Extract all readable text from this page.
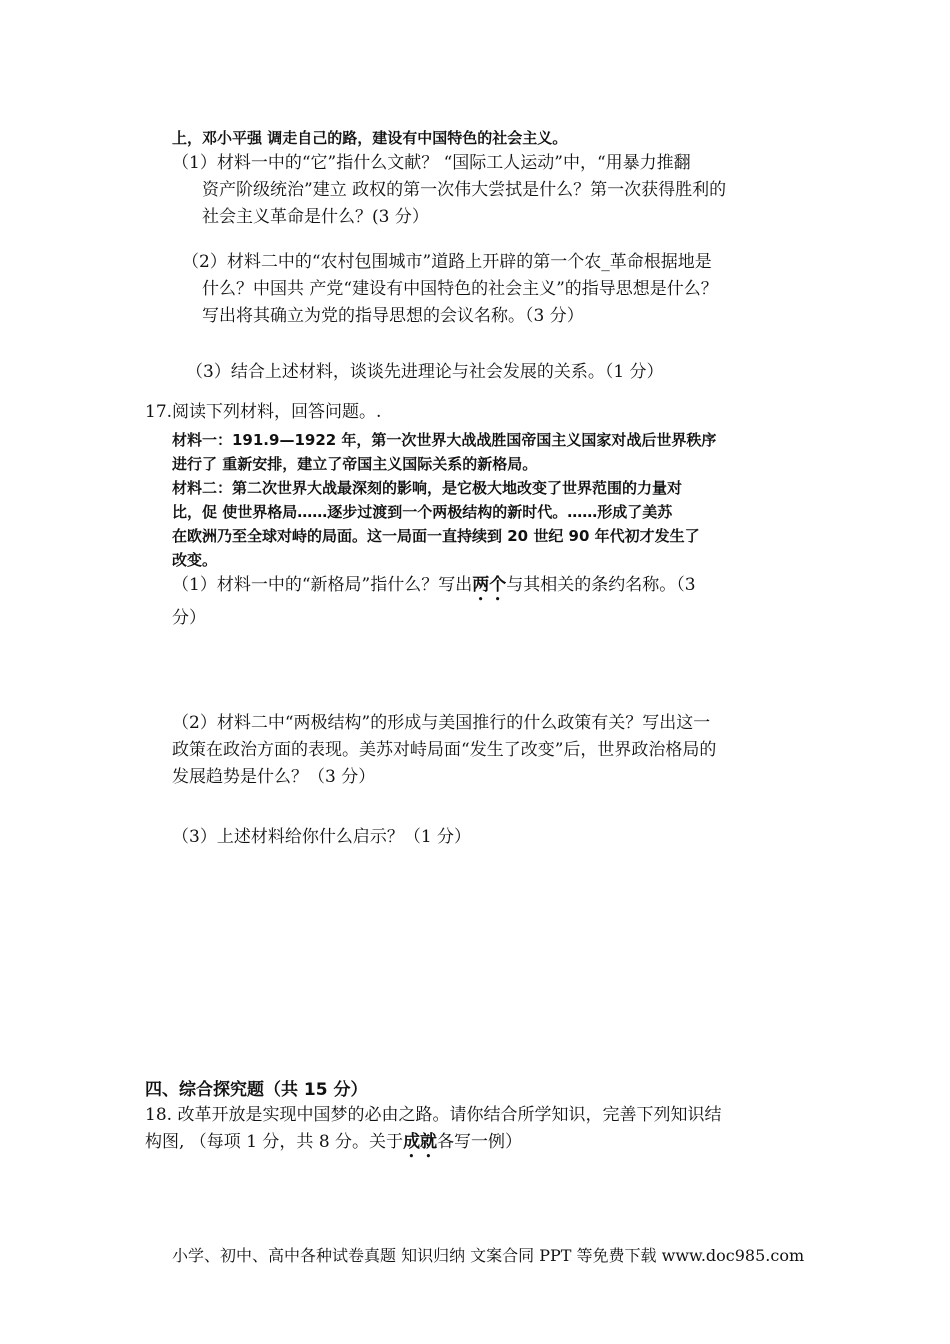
上，邓小平强 调走自己的路，建设有中国特色的社会主义。
（1）材料一中的“它”指什么文献？ “国际工人运动”中，“用暴力推翻
资产阶级统治”建立 政权的第一次伟大尝拭是什么？第一次获得胜利的
社会主义革命是什么？(3 分）
（2）材料二中的“农村包围城市”道路上开辟的第一个农_革命根据地是
什么？中国共 产党“建设有中国特色的社会主义”的指导思想是什么？
写出将其确立为党的指导思想的会议名称。（3 分）
（3）结合上述材料，谈谈先进理论与社会发展的关系。（1 分）
17.阅读下列材料，回答问题。.
材料一：191.9—1922 年，第一次世界大战战胜国帝国主义国家对战后世界秩序
进行了 重新安排，建立了帝国主义国际关系的新格局。
材料二：第二次世界大战最深刻的影响，是它极大地改变了世界范围的力量对
比，促 使世界格局……逐步过渡到一个两极结构的新时代。……形成了美苏
在欧洲乃至全球对峙的局面。这一局面一直持续到 20 世纪 90 年代初才发生了
改变。
（1）材料一中的“新格局”指什么？写出两个与其相关的条约名称。（3
分）
（2）材料二中“两极结构”的形成与美国推行的什么政策有关？写出这一
政策在政治方面的表现。美苏对峙局面“发生了改变”后，世界政治格局的
发展趋势是什么？（3 分）
（3）上述材料给你什么启示？（1 分）
四、综合探究题（共 15 分）
18. 改革开放是实现中国梦的必由之路。请你结合所学知识，完善下列知识结
构图, （每项 1 分，共 8 分。关于成就各写一例）
小学、初中、高中各种试卷真题 知识归纳 文案合同 PPT 等免费下载 www.doc985.com
